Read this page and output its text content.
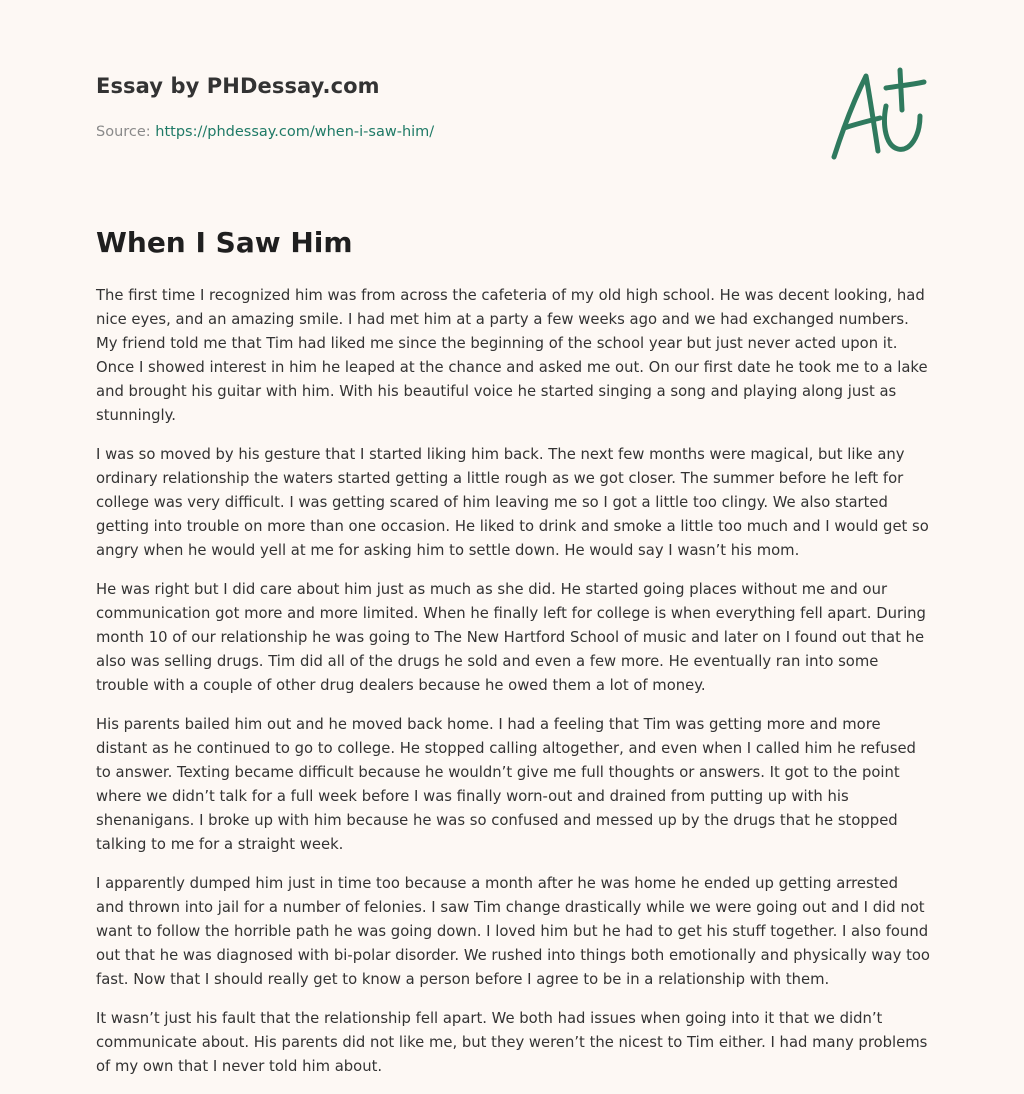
Essay by PHDessay.com
Source: https://phdessay.com/when-i-saw-him/
When I Saw Him

The first time I recognized him was from across the cafeteria of my old high school. He was decent looking, had nice eyes, and an amazing smile. I had met him at a party a few weeks ago and we had exchanged numbers. My friend told me that Tim had liked me since the beginning of the school year but just never acted upon it. Once I showed interest in him he leaped at the chance and asked me out. On our first date he took me to a lake and brought his guitar with him. With his beautiful voice he started singing a song and playing along just as stunningly.

I was so moved by his gesture that I started liking him back. The next few months were magical, but like any ordinary relationship the waters started getting a little rough as we got closer. The summer before he left for college was very difficult. I was getting scared of him leaving me so I got a little too clingy. We also started getting into trouble on more than one occasion. He liked to drink and smoke a little too much and I would get so angry when he would yell at me for asking him to settle down. He would say I wasn’t his mom.

He was right but I did care about him just as much as she did. He started going places without me and our communication got more and more limited. When he finally left for college is when everything fell apart. During month 10 of our relationship he was going to The New Hartford School of music and later on I found out that he also was selling drugs. Tim did all of the drugs he sold and even a few more. He eventually ran into some trouble with a couple of other drug dealers because he owed them a lot of money.

His parents bailed him out and he moved back home. I had a feeling that Tim was getting more and more distant as he continued to go to college. He stopped calling altogether, and even when I called him he refused to answer. Texting became difficult because he wouldn’t give me full thoughts or answers. It got to the point where we didn’t talk for a full week before I was finally worn-out and drained from putting up with his shenanigans. I broke up with him because he was so confused and messed up by the drugs that he stopped talking to me for a straight week.

I apparently dumped him just in time too because a month after he was home he ended up getting arrested and thrown into jail for a number of felonies. I saw Tim change drastically while we were going out and I did not want to follow the horrible path he was going down. I loved him but he had to get his stuff together. I also found out that he was diagnosed with bi-polar disorder. We rushed into things both emotionally and physically way too fast. Now that I should really get to know a person before I agree to be in a relationship with them.

It wasn’t just his fault that the relationship fell apart. We both had issues when going into it that we didn’t communicate about. His parents did not like me, but they weren’t the nicest to Tim either. I had many problems of my own that I never told him about.
